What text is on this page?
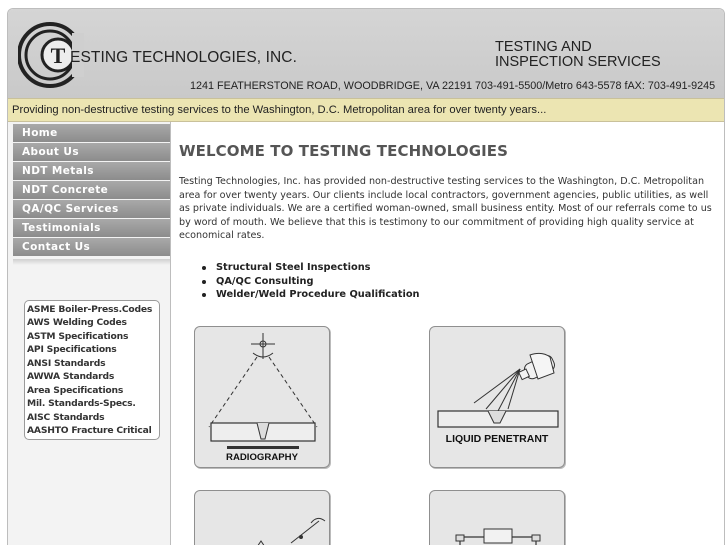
T ESTING TECHNOLOGIES, INC.
TESTING AND
INSPECTION SERVICES
1241 FEATHERSTONE ROAD, WOODBRIDGE, VA 22191 703-491-5500/Metro 643-5578 fAX: 703-491-9245
Providing non-destructive testing services to the Washington, D.C. Metropolitan area for over twenty years...
Home
About Us
NDT Metals
NDT Concrete
QA/QC Services
Testimonials
Contact Us
ASME Boiler-Press.Codes
AWS Welding Codes
ASTM Specifications
API Specifications
ANSI Standards
AWWA Standards
Area Specifications
Mil. Standards-Specs.
AISC Standards
AASHTO Fracture Critical
WELCOME TO TESTING TECHNOLOGIES

Testing Technologies, Inc. has provided non-destructive testing services to the Washington, D.C. Metropolitan area for over twenty years. Our clients include local contractors, government agencies, public utilities, as well as private individuals. We are a certified woman-owned, small business entity. Most of our referrals come to us by word of mouth. We believe that this is testimony to our commitment of providing high quality service at economical rates.

Structural Steel Inspections
QA/QC Consulting
Welder/Weld Procedure Qualification
RADIOGRAPHY
LIQUID PENETRANT
